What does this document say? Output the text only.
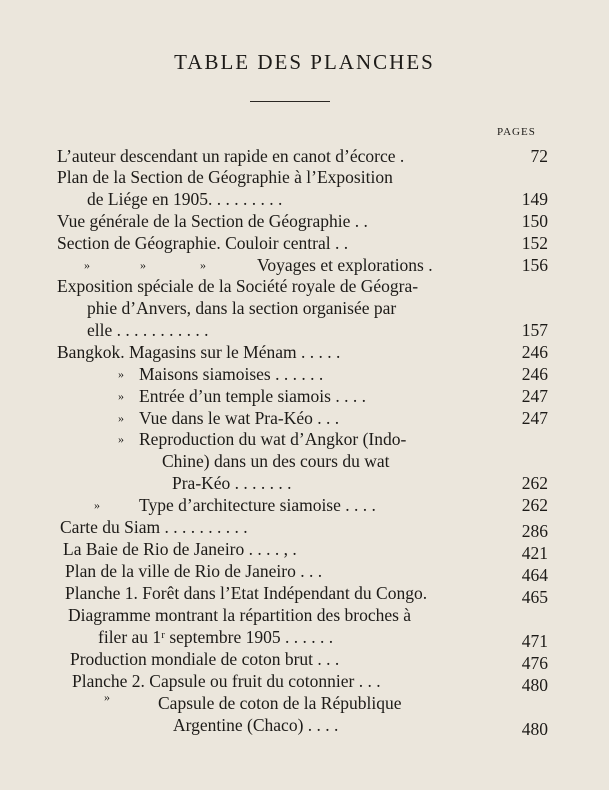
TABLE DES PLANCHES
PAGES
L’auteur descendant un rapide en canot d’écorce .	72
Plan de la Section de Géographie à l’Exposition
de Liége en 1905. . . . . . . . .	149
Vue générale de la Section de Géographie . .	150
Section de Géographie. Couloir central . .	152
»	»	»	Voyages et explorations .	156
Exposition spéciale de la Société royale de Géogra-
phie d’Anvers, dans la section organisée par
elle . . . . . . . . . . .	157
Bangkok. Magasins sur le Ménam . . . . .	246
» Maisons siamoises . . . . . .	246
» Entrée d’un temple siamois . . . .	247
» Vue dans le wat Pra-Kéo . . .	247
» Reproduction du wat d’Angkor (Indo-
Chine) dans un des cours du wat
Pra-Kéo . . . . . . .	262
» Type d’architecture siamoise . . . .	262
Carte du Siam . . . . . . . . . .	286
La Baie de Rio de Janeiro . . . . , .	421
Plan de la ville de Rio de Janeiro . . .	464
Planche 1. Forêt dans l’Etat Indépendant du Congo.	465
Diagramme montrant la répartition des broches à
filer au 1ʳ septembre 1905 . . . . . .	471
Production mondiale de coton brut . . .	476
Planche 2. Capsule ou fruit du cotonnier . . .	480
»	Capsule de coton de la République
Argentine (Chaco) . . . .	480
